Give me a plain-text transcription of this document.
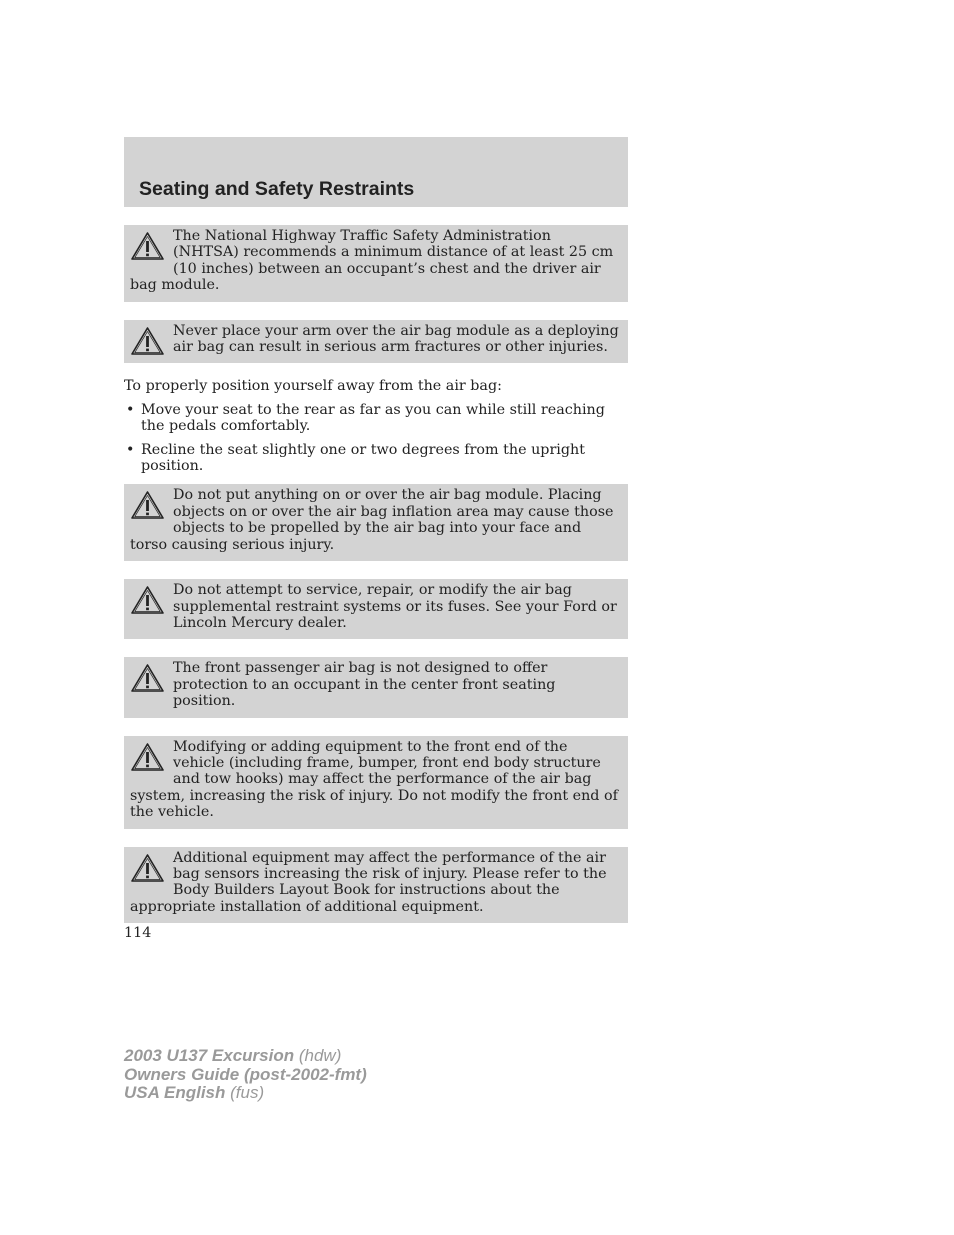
Seating and Safety Restraints
The National Highway Traffic Safety Administration (NHTSA) recommends a minimum distance of at least 25 cm (10 inches) between an occupant’s chest and the driver air bag module.
Never place your arm over the air bag module as a deploying air bag can result in serious arm fractures or other injuries.

To properly position yourself away from the air bag:

• Move your seat to the rear as far as you can while still reaching the pedals comfortably.
• Recline the seat slightly one or two degrees from the upright position.
Do not put anything on or over the air bag module. Placing objects on or over the air bag inflation area may cause those objects to be propelled by the air bag into your face and torso causing serious injury.
Do not attempt to service, repair, or modify the air bag supplemental restraint systems or its fuses. See your Ford or Lincoln Mercury dealer.
The front passenger air bag is not designed to offer protection to an occupant in the center front seating position.
Modifying or adding equipment to the front end of the vehicle (including frame, bumper, front end body structure and tow hooks) may affect the performance of the air bag system, increasing the risk of injury. Do not modify the front end of the vehicle.
Additional equipment may affect the performance of the air bag sensors increasing the risk of injury. Please refer to the Body Builders Layout Book for instructions about the appropriate installation of additional equipment.
114
2003 U137 Excursion (hdw)
Owners Guide (post-2002-fmt)
USA English (fus)
